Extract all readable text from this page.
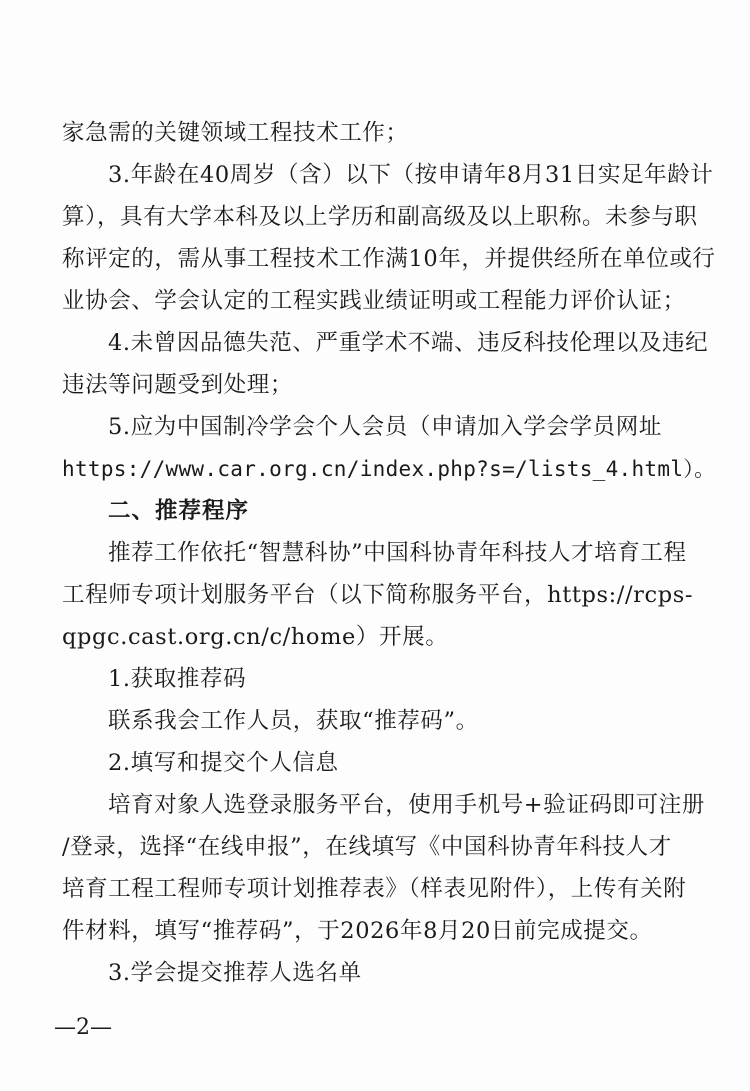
家急需的关键领域工程技术工作；
3.年龄在40周岁（含）以下（按申请年8月31日实足年龄计
算），具有大学本科及以上学历和副高级及以上职称。未参与职
称评定的，需从事工程技术工作满10年，并提供经所在单位或行
业协会、学会认定的工程实践业绩证明或工程能力评价认证；
4.未曾因品德失范、严重学术不端、违反科技伦理以及违纪
违法等问题受到处理；
5.应为中国制冷学会个人会员（申请加入学会学员网址
https://www.car.org.cn/index.php?s=/lists_4.html）。
二、推荐程序
推荐工作依托“智慧科协”中国科协青年科技人才培育工程
工程师专项计划服务平台（以下简称服务平台，https://rcps-
qpgc.cast.org.cn/c/home）开展。
1.获取推荐码
联系我会工作人员，获取“推荐码”。
2.填写和提交个人信息
培育对象人选登录服务平台，使用手机号+验证码即可注册
/登录，选择“在线申报”，在线填写《中国科协青年科技人才
培育工程工程师专项计划推荐表》（样表见附件），上传有关附
件材料，填写“推荐码”，于2026年8月20日前完成提交。
3.学会提交推荐人选名单
—2—
